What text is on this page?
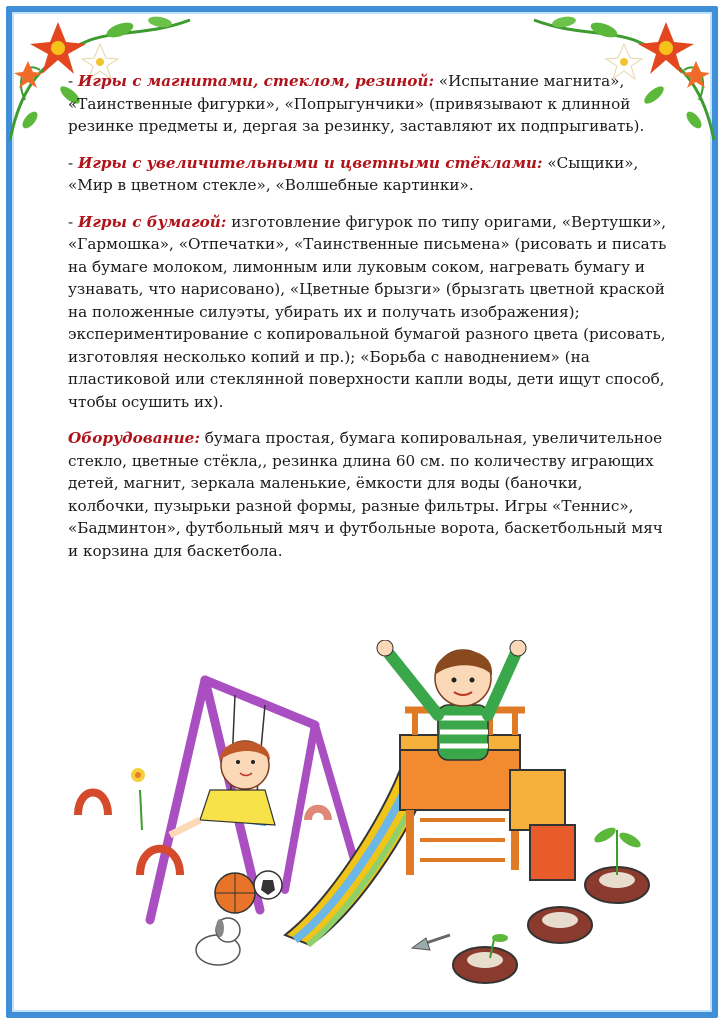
- Игры с магнитами, стеклом, резиной: «Испытание магнита», «Таинственные фигурки», «Попрыгунчики» (привязывают к длинной резинке предметы и, дергая за резинку, заставляют их подпрыгивать).

- Игры с увеличительными и цветными стёклами: «Сыщики», «Мир в цветном стекле», «Волшебные картинки».

- Игры с бумагой: изготовление фигурок по типу оригами, «Вертушки», «Гармошка», «Отпечатки», «Таинственные письмена» (рисовать и писать на бумаге молоком, лимонным или луковым соком, нагревать бумагу и узнавать, что нарисовано), «Цветные брызги» (брызгать цветной краской на положенные силуэты, убирать их и получать изображения); экспериментирование с копировальной бумагой разного цвета (рисовать, изготовляя несколько копий и пр.); «Борьба с наводнением» (на пластиковой или стеклянной поверхности капли воды, дети ищут способ, чтобы осушить их).

Оборудование: бумага простая, бумага копировальная, увеличительное стекло, цветные стёкла,, резинка длина 60 см. по количеству играющих детей, магнит, зеркала маленькие, ёмкости для воды (баночки, колбочки, пузырьки разной формы, разные фильтры. Игры «Теннис», «Бадминтон», футбольный мяч и футбольные ворота, баскетбольный мяч и корзина для баскетбола.
